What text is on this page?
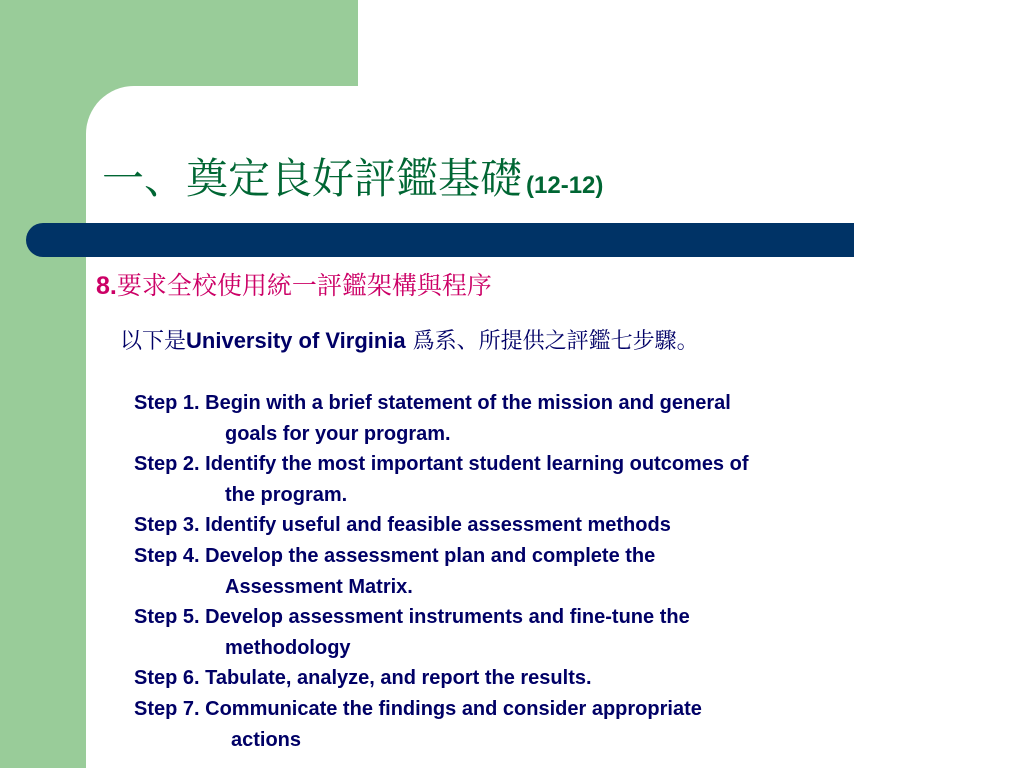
一、奠定良好評鑑基礎 (12-12)
8.要求全校使用統一評鑑架構與程序
以下是University of Virginia 爲系、所提供之評鑑七步驟。
Step 1. Begin with a brief statement of the mission and general
goals for your program.
Step 2. Identify the most important student learning outcomes of
the program.
Step 3. Identify useful and feasible assessment methods
Step 4. Develop the assessment plan and complete the
Assessment Matrix.
Step 5. Develop assessment instruments and fine-tune the
methodology
Step 6. Tabulate, analyze, and report the results.
Step 7. Communicate the findings and consider appropriate
actions
